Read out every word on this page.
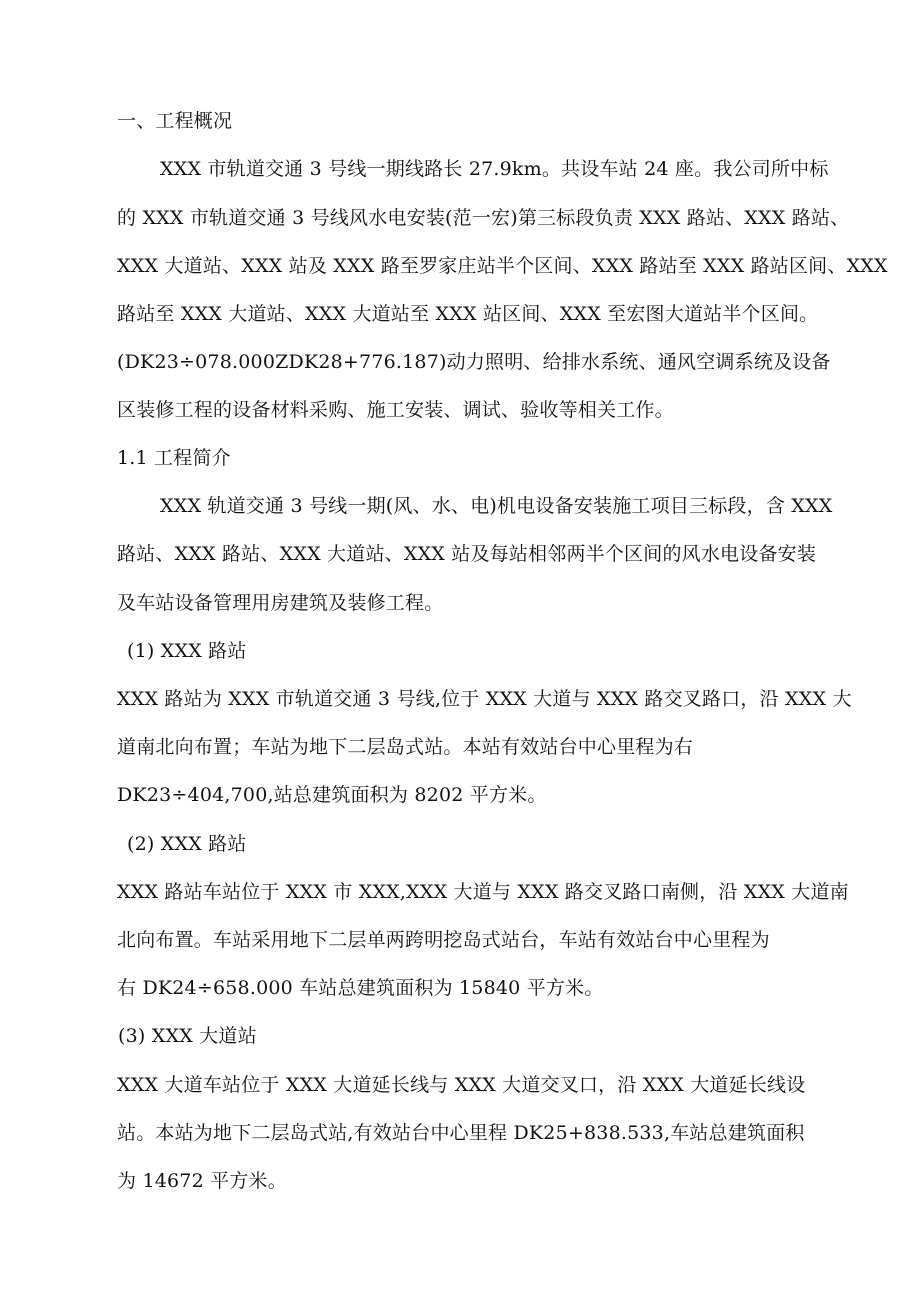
一、工程概况
XXX 市轨道交通 3 号线一期线路长 27.9km。共设车站 24 座。我公司所中标
的 XXX 市轨道交通 3 号线风水电安装(范一宏)第三标段负责 XXX 路站、XXX 路站、
XXX 大道站、XXX 站及 XXX 路至罗家庄站半个区间、XXX 路站至 XXX 路站区间、XXX
路站至 XXX 大道站、XXX 大道站至 XXX 站区间、XXX 至宏图大道站半个区间。
(DK23÷078.000ZDK28+776.187)动力照明、给排水系统、通风空调系统及设备
区装修工程的设备材料采购、施工安装、调试、验收等相关工作。
1.1 工程简介
XXX 轨道交通 3 号线一期(风、水、电)机电设备安装施工项目三标段，含 XXX
路站、XXX 路站、XXX 大道站、XXX 站及每站相邻两半个区间的风水电设备安装
及车站设备管理用房建筑及装修工程。
(1) XXX 路站
XXX 路站为 XXX 市轨道交通 3 号线,位于 XXX 大道与 XXX 路交叉路口，沿 XXX 大
道南北向布置；车站为地下二层岛式站。本站有效站台中心里程为右
DK23÷404,700,站总建筑面积为 8202 平方米。
(2) XXX 路站
XXX 路站车站位于 XXX 市 XXX,XXX 大道与 XXX 路交叉路口南侧，沿 XXX 大道南
北向布置。车站采用地下二层单两跨明挖岛式站台，车站有效站台中心里程为
右 DK24÷658.000 车站总建筑面积为 15840 平方米。
(3) XXX 大道站
XXX 大道车站位于 XXX 大道延长线与 XXX 大道交叉口，沿 XXX 大道延长线设
站。本站为地下二层岛式站,有效站台中心里程 DK25+838.533,车站总建筑面积
为 14672 平方米。
